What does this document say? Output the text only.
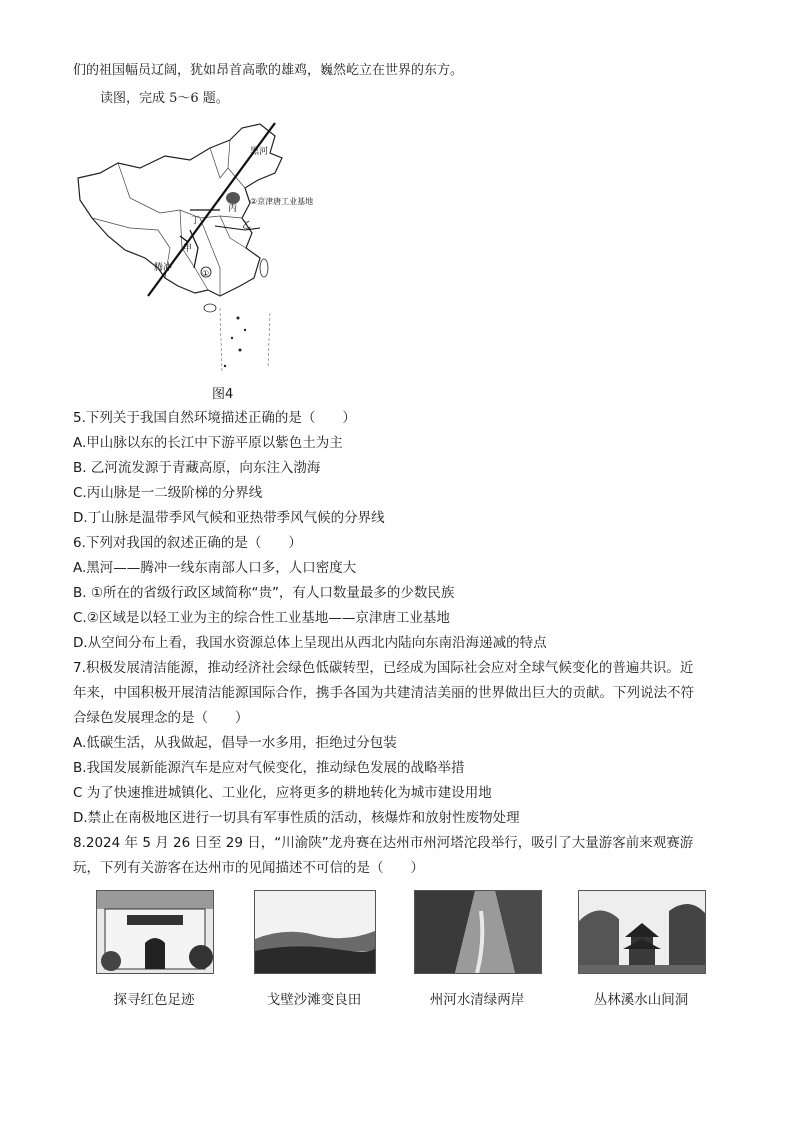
们的祖国幅员辽阔，犹如昂首高歌的雄鸡，巍然屹立在世界的东方。
读图，完成 5～6 题。
黑河
腾冲
②京津唐工业基地
丙
丁	乙
甲
①
图4
5.下列关于我国自然环境描述正确的是（　　）
A.甲山脉以东的长江中下游平原以紫色土为主
B. 乙河流发源于青藏高原，向东注入渤海
C.丙山脉是一二级阶梯的分界线
D.丁山脉是温带季风气候和亚热带季风气候的分界线
6.下列对我国的叙述正确的是（　　）
A.黑河——腾冲一线东南部人口多，人口密度大
B. ①所在的省级行政区域简称“贵”，有人口数量最多的少数民族
C.②区域是以轻工业为主的综合性工业基地——京津唐工业基地
D.从空间分布上看，我国水资源总体上呈现出从西北内陆向东南沿海递减的特点
7.积极发展清洁能源，推动经济社会绿色低碳转型，已经成为国际社会应对全球气候变化的普遍共识。近
年来，中国积极开展清洁能源国际合作，携手各国为共建清洁美丽的世界做出巨大的贡献。下列说法不符
合绿色发展理念的是（　　）
A.低碳生活，从我做起，倡导一水多用，拒绝过分包装
B.我国发展新能源汽车是应对气候变化，推动绿色发展的战略举措
C 为了快速推进城镇化、工业化，应将更多的耕地转化为城市建设用地
D.禁止在南极地区进行一切具有军事性质的活动，核爆炸和放射性废物处理
8.2024 年 5 月 26 日至 29 日，“川渝陕”龙舟赛在达州市州河塔沱段举行，吸引了大量游客前来观赛游
玩，下列有关游客在达州市的见闻描述不可信的是（　　）
探寻红色足迹	戈壁沙滩变良田	州河水清绿两岸	丛林溪水山间洞
